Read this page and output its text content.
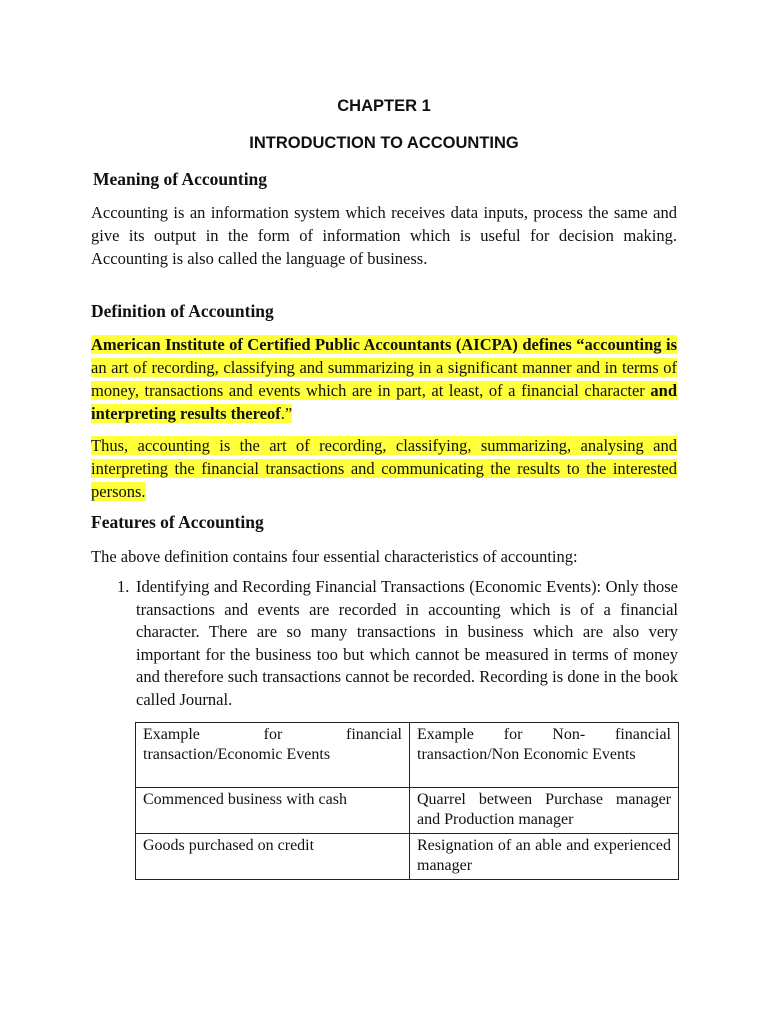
CHAPTER 1
INTRODUCTION TO ACCOUNTING
Meaning of Accounting

Accounting is an information system which receives data inputs, process the same and give its output in the form of information which is useful for decision making. Accounting is also called the language of business.

Definition of Accounting

American Institute of Certified Public Accountants (AICPA) defines “accounting is an art of recording, classifying and summarizing in a significant manner and in terms of money, transactions and events which are in part, at least, of a financial character and interpreting results thereof.”

Thus, accounting is the art of recording, classifying, summarizing, analysing and interpreting the financial transactions and communicating the results to the interested persons.

Features of Accounting

The above definition contains four essential characteristics of accounting:

1. Identifying and Recording Financial Transactions (Economic Events): Only those transactions and events are recorded in accounting which is of a financial character. There are so many transactions in business which are also very important for the business too but which cannot be measured in terms of money and therefore such transactions cannot be recorded. Recording is done in the book called Journal.

Example for financial transaction/Economic Events	Example for Non- financial transaction/Non Economic Events
Commenced business with cash	Quarrel between Purchase manager and Production manager
Goods purchased on credit	Resignation of an able and experienced manager
